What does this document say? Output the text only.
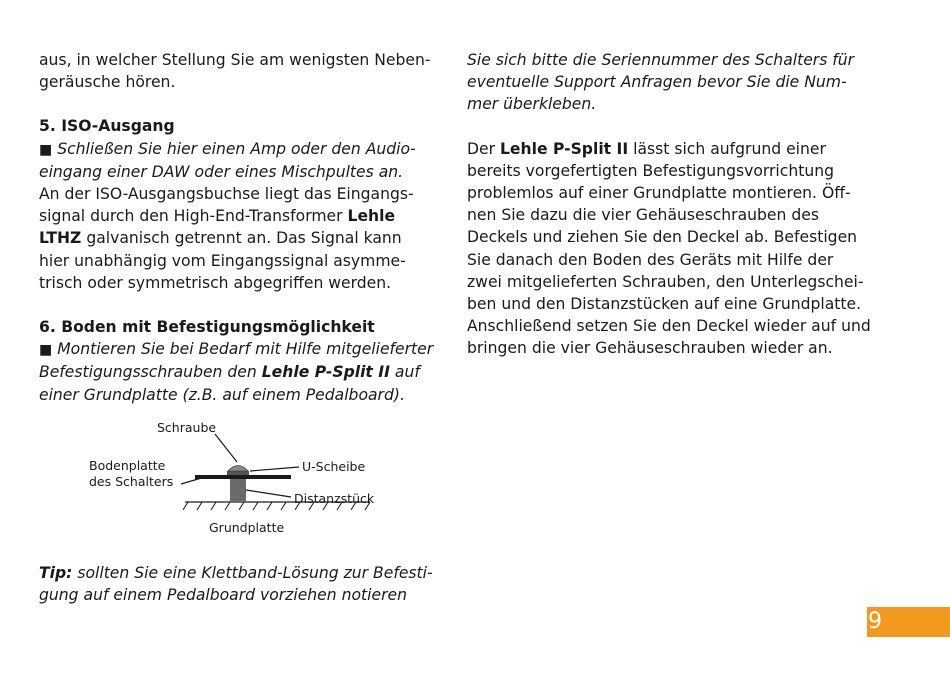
aus, in welcher Stellung Sie am wenigsten Neben-

geräusche hören.

5. ISO-Ausgang

■ Schließen Sie hier einen Amp oder den Audio-

eingang einer DAW oder eines Mischpultes an.

An der ISO-Ausgangsbuchse liegt das Eingangs-

signal durch den High-End-Transformer Lehle

LTHZ galvanisch getrennt an. Das Signal kann

hier unabhängig vom Eingangssignal asymme-

trisch oder symmetrisch abgegriffen werden.

6. Boden mit Befestigungsmöglichkeit

■ Montieren Sie bei Bedarf mit Hilfe mitgelieferter

Befestigungsschrauben den Lehle P-Split II auf

einer Grundplatte (z.B. auf einem Pedalboard).

Schraube
Bodenplatte
des Schalters
U-Scheibe
Distanzstück
Grundplatte

Tip: sollten Sie eine Klettband-Lösung zur Befesti-

gung auf einem Pedalboard vorziehen notieren

Sie sich bitte die Seriennummer des Schalters für

eventuelle Support Anfragen bevor Sie die Num-

mer überkleben.

Der Lehle P-Split II lässt sich aufgrund einer

bereits vorgefertigten Befestigungsvorrichtung

problemlos auf einer Grundplatte montieren. Öff-

nen Sie dazu die vier Gehäuseschrauben des

Deckels und ziehen Sie den Deckel ab. Befestigen

Sie danach den Boden des Geräts mit Hilfe der

zwei mitgelieferten Schrauben, den Unterlegschei-

ben und den Distanzstücken auf eine Grundplatte.

Anschließend setzen Sie den Deckel wieder auf und

bringen die vier Gehäuseschrauben wieder an.

9
